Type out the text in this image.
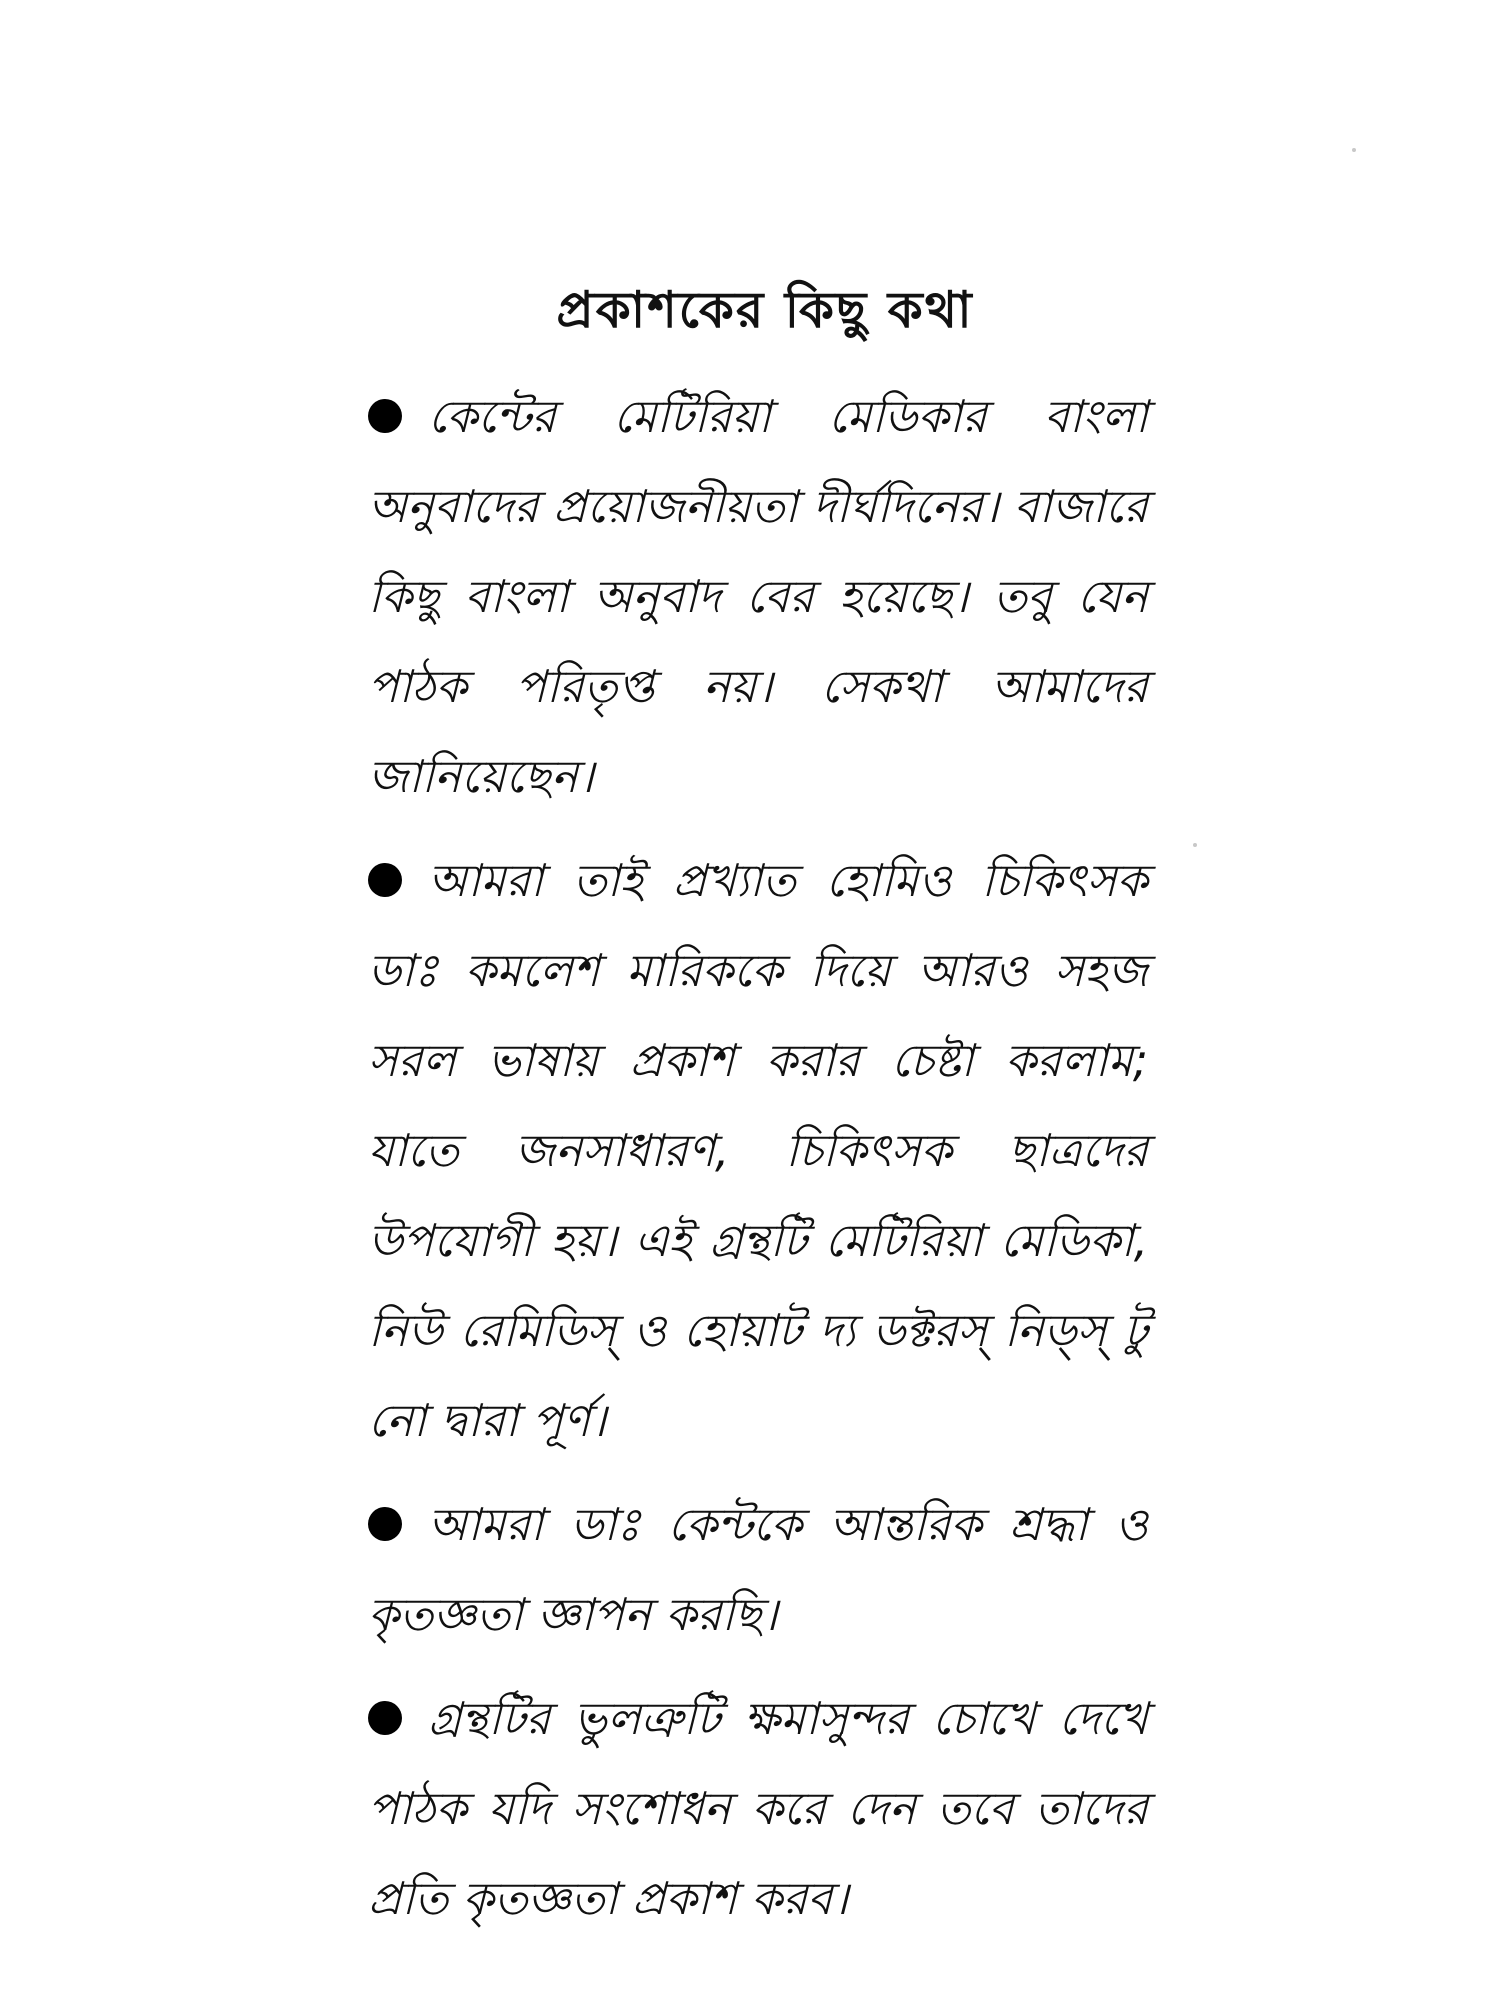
প্রকাশকের কিছু কথা

কেন্টের মেটিরিয়া মেডিকার বাংলা অনুবাদের প্রয়োজনীয়তা দীর্ঘদিনের। বাজারে কিছু বাংলা অনুবাদ বের হয়েছে। তবু যেন পাঠক পরিতৃপ্ত নয়। সেকথা আমাদের জানিয়েছেন।

আমরা তাই প্রখ্যাত হোমিও চিকিৎসক ডাঃ কমলেশ মারিককে দিয়ে আরও সহজ সরল ভাষায় প্রকাশ করার চেষ্টা করলাম; যাতে জনসাধারণ, চিকিৎসক ছাত্রদের উপযোগী হয়। এই গ্রন্থটি মেটিরিয়া মেডিকা, নিউ রেমিডিস্ ও হোয়াট দ্য ডক্টরস্ নিড্স্ টু নো দ্বারা পূর্ণ।

আমরা ডাঃ কেন্টকে আন্তরিক শ্রদ্ধা ও কৃতজ্ঞতা জ্ঞাপন করছি।

গ্রন্থটির ভুলত্রুটি ক্ষমাসুন্দর চোখে দেখে পাঠক যদি সংশোধন করে দেন তবে তাদের প্রতি কৃতজ্ঞতা প্রকাশ করব।
